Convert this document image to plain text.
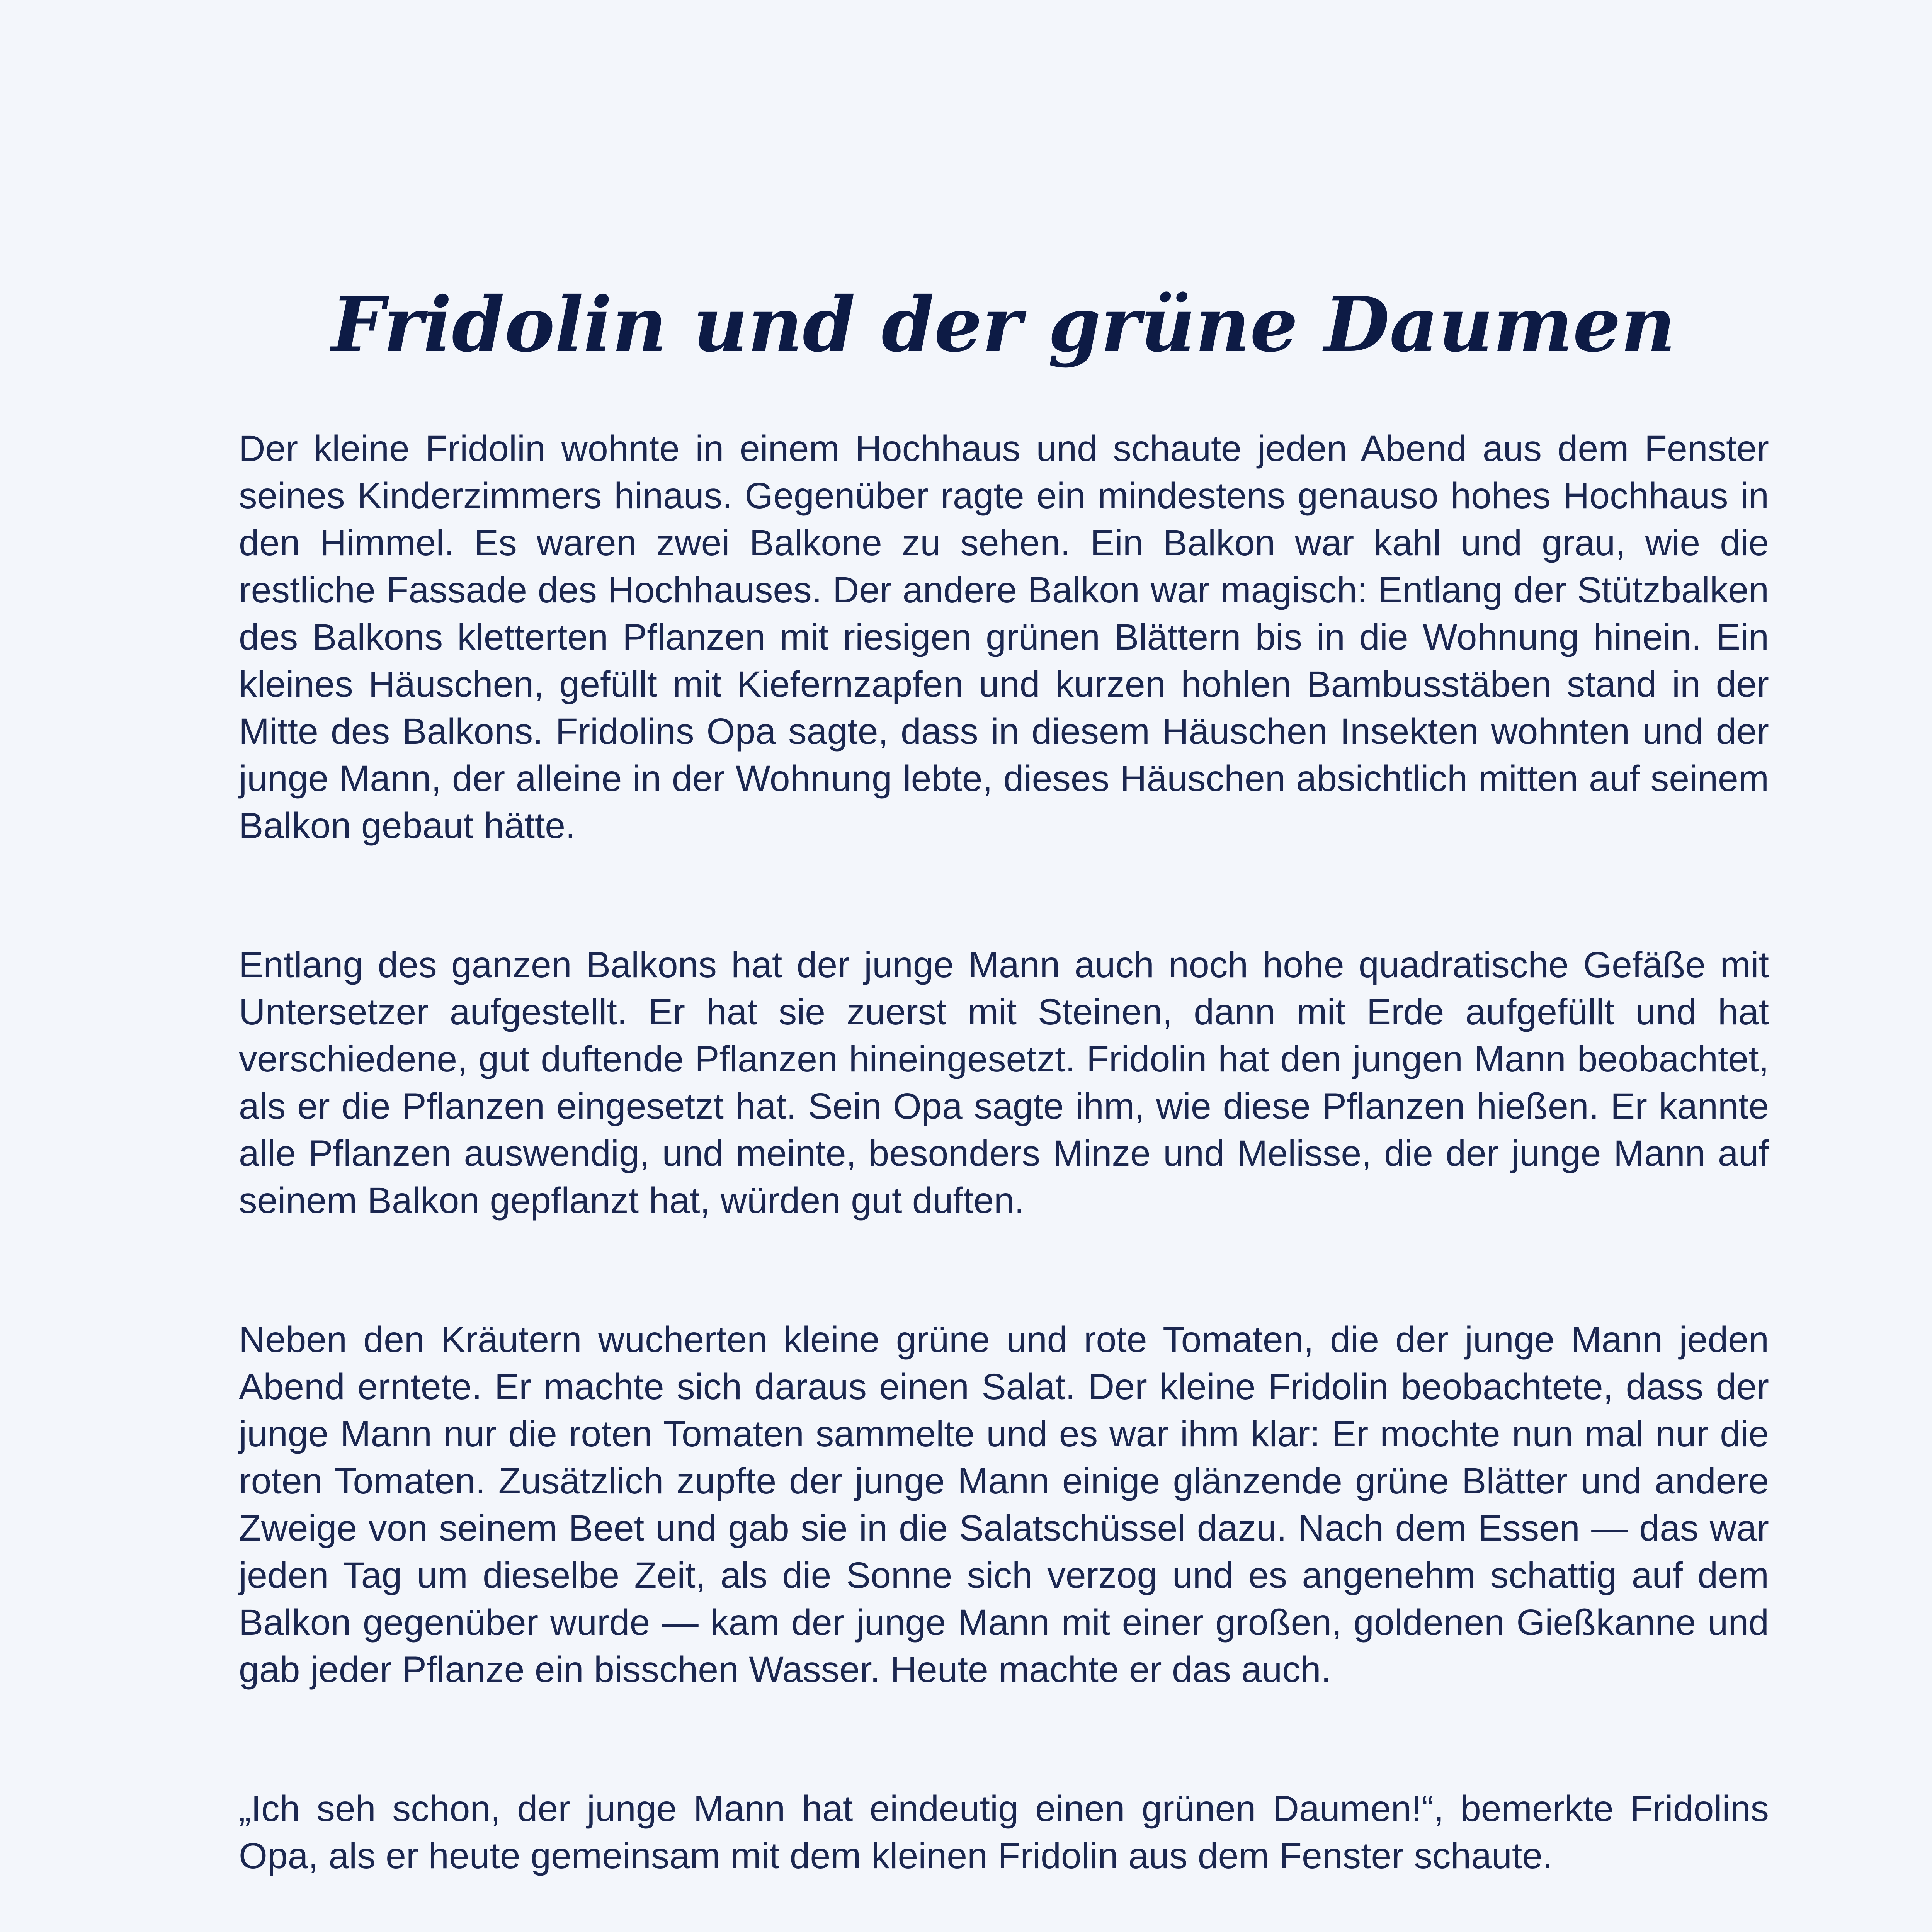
Fridolin und der grüne Daumen

Der kleine Fridolin wohnte in einem Hochhaus und schaute jeden Abend aus dem Fenster seines Kinderzimmers hinaus. Gegenüber ragte ein mindestens genauso hohes Hochhaus in den Himmel. Es waren zwei Balkone zu sehen. Ein Balkon war kahl und grau, wie die restliche Fassade des Hochhauses. Der andere Balkon war magisch: Entlang der Stützbalken des Balkons kletterten Pflanzen mit riesigen grünen Blättern bis in die Wohnung hinein. Ein kleines Häuschen, gefüllt mit Kiefernzapfen und kurzen hohlen Bambusstäben stand in der Mitte des Balkons. Fridolins Opa sagte, dass in diesem Häuschen Insekten wohnten und der junge Mann, der alleine in der Wohnung lebte, dieses Häuschen absichtlich mitten auf seinem Balkon gebaut hätte.

Entlang des ganzen Balkons hat der junge Mann auch noch hohe quadratische Gefäße mit Untersetzer aufgestellt. Er hat sie zuerst mit Steinen, dann mit Erde aufgefüllt und hat verschiedene, gut duftende Pflanzen hineingesetzt. Fridolin hat den jungen Mann beobachtet, als er die Pflanzen eingesetzt hat. Sein Opa sagte ihm, wie diese Pflanzen hießen. Er kannte alle Pflanzen auswendig, und meinte, besonders Minze und Melisse, die der junge Mann auf seinem Balkon gepflanzt hat, würden gut duften.

Neben den Kräutern wucherten kleine grüne und rote Tomaten, die der junge Mann jeden Abend erntete. Er machte sich daraus einen Salat. Der kleine Fridolin beobachtete, dass der junge Mann nur die roten Tomaten sammelte und es war ihm klar: Er mochte nun mal nur die roten Tomaten. Zusätzlich zupfte der junge Mann einige glänzende grüne Blätter und andere Zweige von seinem Beet und gab sie in die Salatschüssel dazu. Nach dem Essen — das war jeden Tag um dieselbe Zeit, als die Sonne sich verzog und es angenehm schattig auf dem Balkon gegenüber wurde — kam der junge Mann mit einer großen, goldenen Gießkanne und gab jeder Pflanze ein bisschen Wasser. Heute machte er das auch.

„Ich seh schon, der junge Mann hat eindeutig einen grünen Daumen!“, bemerkte Fridolins Opa, als er heute gemeinsam mit dem kleinen Fridolin aus dem Fenster schaute.
